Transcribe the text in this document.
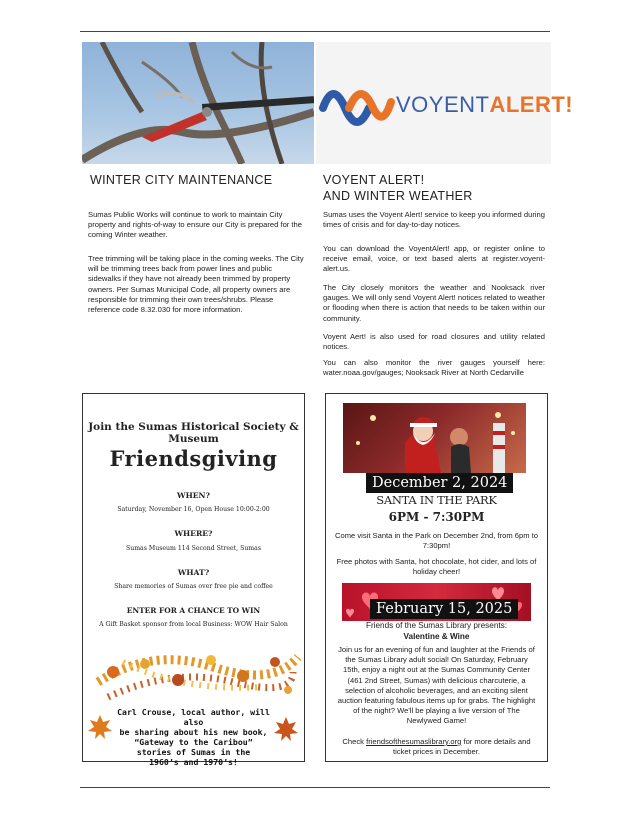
VOYENTALERT!
WINTER CITY MAINTENANCE
Sumas Public Works will continue to work to maintain City property and rights-of-way to ensure our City is prepared for the coming Winter weather.
Tree trimming will be taking place in the coming weeks. The City will be trimming trees back from power lines and public sidewalks if they have not already been trimmed by property owners. Per Sumas Municipal Code, all property owners are responsible for trimming their own trees/shrubs. Please reference code 8.32.030 for more information.
VOYENT ALERT!
AND WINTER WEATHER
Sumas uses the Voyent Alert! service to keep you informed during times of crisis and for day-to-day notices.
You can download the VoyentAlert! app, or register online to receive email, voice, or text based alerts at register.voyent-alert.us.
The City closely monitors the weather and Nooksack river gauges. We will only send Voyent Alert! notices related to weather or flooding when there is action that needs to be taken within our community.
Voyent Aert! is also used for road closures and utility related notices.
You can also monitor the river gauges yourself here: water.noaa.gov/gauges; Nooksack River at North Cedarville
Join the Sumas Historical Society & Museum
Friendsgiving
WHEN?
Saturday, November 16, Open House 10:00-2:00
WHERE?
Sumas Museum 114 Second Street, Sumas
WHAT?
Share memories of Sumas over free pie and coffee
ENTER FOR A CHANCE TO WIN
A Gift Basket sponsor from local Business: WOW Hair Salon
Carl Crouse, local author, will also
be sharing about his new book,
“Gateway to the Caribou”
stories of Sumas in the
1960’s and 1970’s!
December 2, 2024
SANTA IN THE PARK
6PM - 7:30PM
Come visit Santa in the Park on December 2nd, from 6pm to 7:30pm!
Free photos with Santa, hot chocolate, hot cider, and lots of holiday cheer!
February 15, 2025
Friends of the Sumas Library presents:
Valentine & Wine
Join us for an evening of fun and laughter at the Friends of the Sumas Library adult social! On Saturday, February 15th, enjoy a night out at the Sumas Community Center (461 2nd Street, Sumas) with delicious charcuterie, a selection of alcoholic beverages, and an exciting silent auction featuring fabulous items up for grabs. The highlight of the night? We'll be playing a live version of The Newlywed Game!
Check friendsofthesumaslibrary.org for more details and ticket prices in December.
